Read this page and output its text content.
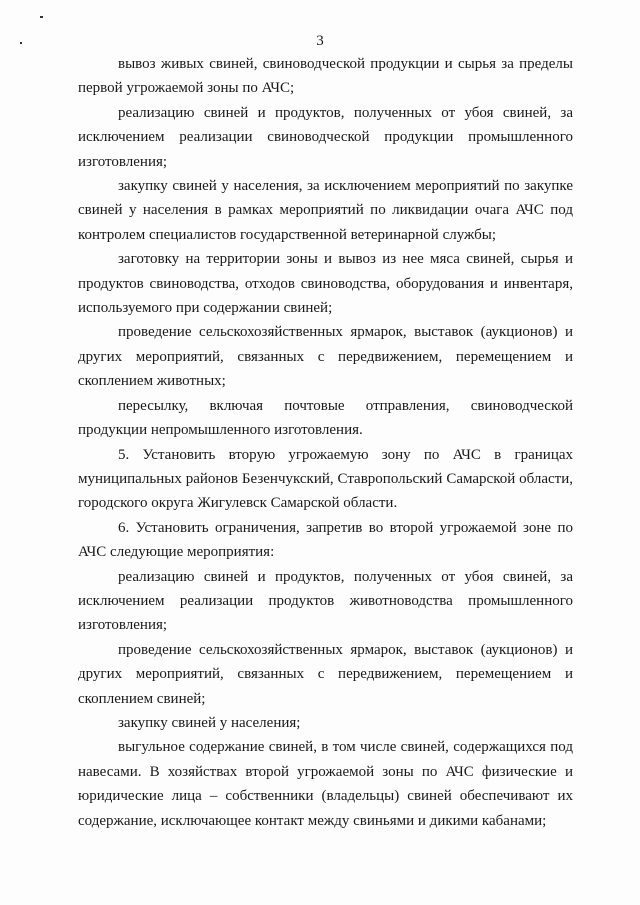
3

вывоз живых свиней, свиноводческой продукции и сырья за пределы первой угрожаемой зоны по АЧС;

реализацию свиней и продуктов, полученных от убоя свиней, за исключением реализации свиноводческой продукции промышленного изготовления;

закупку свиней у населения, за исключением мероприятий по закупке свиней у населения в рамках мероприятий по ликвидации очага АЧС под контролем специалистов государственной ветеринарной службы;

заготовку на территории зоны и вывоз из нее мяса свиней, сырья и продуктов свиноводства, отходов свиноводства, оборудования и инвентаря, используемого при содержании свиней;

проведение сельскохозяйственных ярмарок, выставок (аукционов) и других мероприятий, связанных с передвижением, перемещением и скоплением животных;

пересылку, включая почтовые отправления, свиноводческой продукции непромышленного изготовления.

5. Установить вторую угрожаемую зону по АЧС в границах муниципальных районов Безенчукский, Ставропольский Самарской области, городского округа Жигулевск Самарской области.

6. Установить ограничения, запретив во второй угрожаемой зоне по АЧС следующие мероприятия:

реализацию свиней и продуктов, полученных от убоя свиней, за исключением реализации продуктов животноводства промышленного изготовления;

проведение сельскохозяйственных ярмарок, выставок (аукционов) и других мероприятий, связанных с передвижением, перемещением и скоплением свиней;

закупку свиней у населения;

выгульное содержание свиней, в том числе свиней, содержащихся под навесами. В хозяйствах второй угрожаемой зоны по АЧС физические и юридические лица – собственники (владельцы) свиней обеспечивают их содержание, исключающее контакт между свиньями и дикими кабанами;
